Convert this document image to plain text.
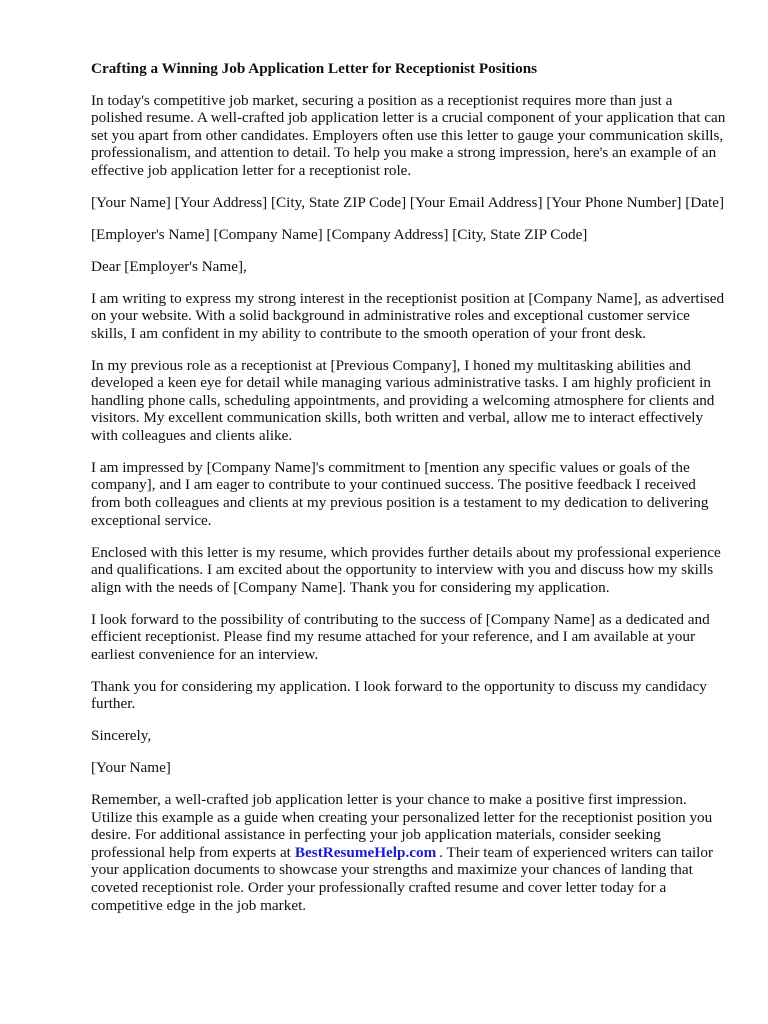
Crafting a Winning Job Application Letter for Receptionist Positions

In today's competitive job market, securing a position as a receptionist requires more than just a polished resume. A well-crafted job application letter is a crucial component of your application that can set you apart from other candidates. Employers often use this letter to gauge your communication skills, professionalism, and attention to detail. To help you make a strong impression, here's an example of an effective job application letter for a receptionist role.

[Your Name] [Your Address] [City, State ZIP Code] [Your Email Address] [Your Phone Number] [Date]

[Employer's Name] [Company Name] [Company Address] [City, State ZIP Code]

Dear [Employer's Name],

I am writing to express my strong interest in the receptionist position at [Company Name], as advertised on your website. With a solid background in administrative roles and exceptional customer service skills, I am confident in my ability to contribute to the smooth operation of your front desk.

In my previous role as a receptionist at [Previous Company], I honed my multitasking abilities and developed a keen eye for detail while managing various administrative tasks. I am highly proficient in handling phone calls, scheduling appointments, and providing a welcoming atmosphere for clients and visitors. My excellent communication skills, both written and verbal, allow me to interact effectively with colleagues and clients alike.

I am impressed by [Company Name]'s commitment to [mention any specific values or goals of the company], and I am eager to contribute to your continued success. The positive feedback I received from both colleagues and clients at my previous position is a testament to my dedication to delivering exceptional service.

Enclosed with this letter is my resume, which provides further details about my professional experience and qualifications. I am excited about the opportunity to interview with you and discuss how my skills align with the needs of [Company Name]. Thank you for considering my application.

I look forward to the possibility of contributing to the success of [Company Name] as a dedicated and efficient receptionist. Please find my resume attached for your reference, and I am available at your earliest convenience for an interview.

Thank you for considering my application. I look forward to the opportunity to discuss my candidacy further.

Sincerely,

[Your Name]

Remember, a well-crafted job application letter is your chance to make a positive first impression. Utilize this example as a guide when creating your personalized letter for the receptionist position you desire. For additional assistance in perfecting your job application materials, consider seeking professional help from experts at BestResumeHelp.com . Their team of experienced writers can tailor your application documents to showcase your strengths and maximize your chances of landing that coveted receptionist role. Order your professionally crafted resume and cover letter today for a competitive edge in the job market.
